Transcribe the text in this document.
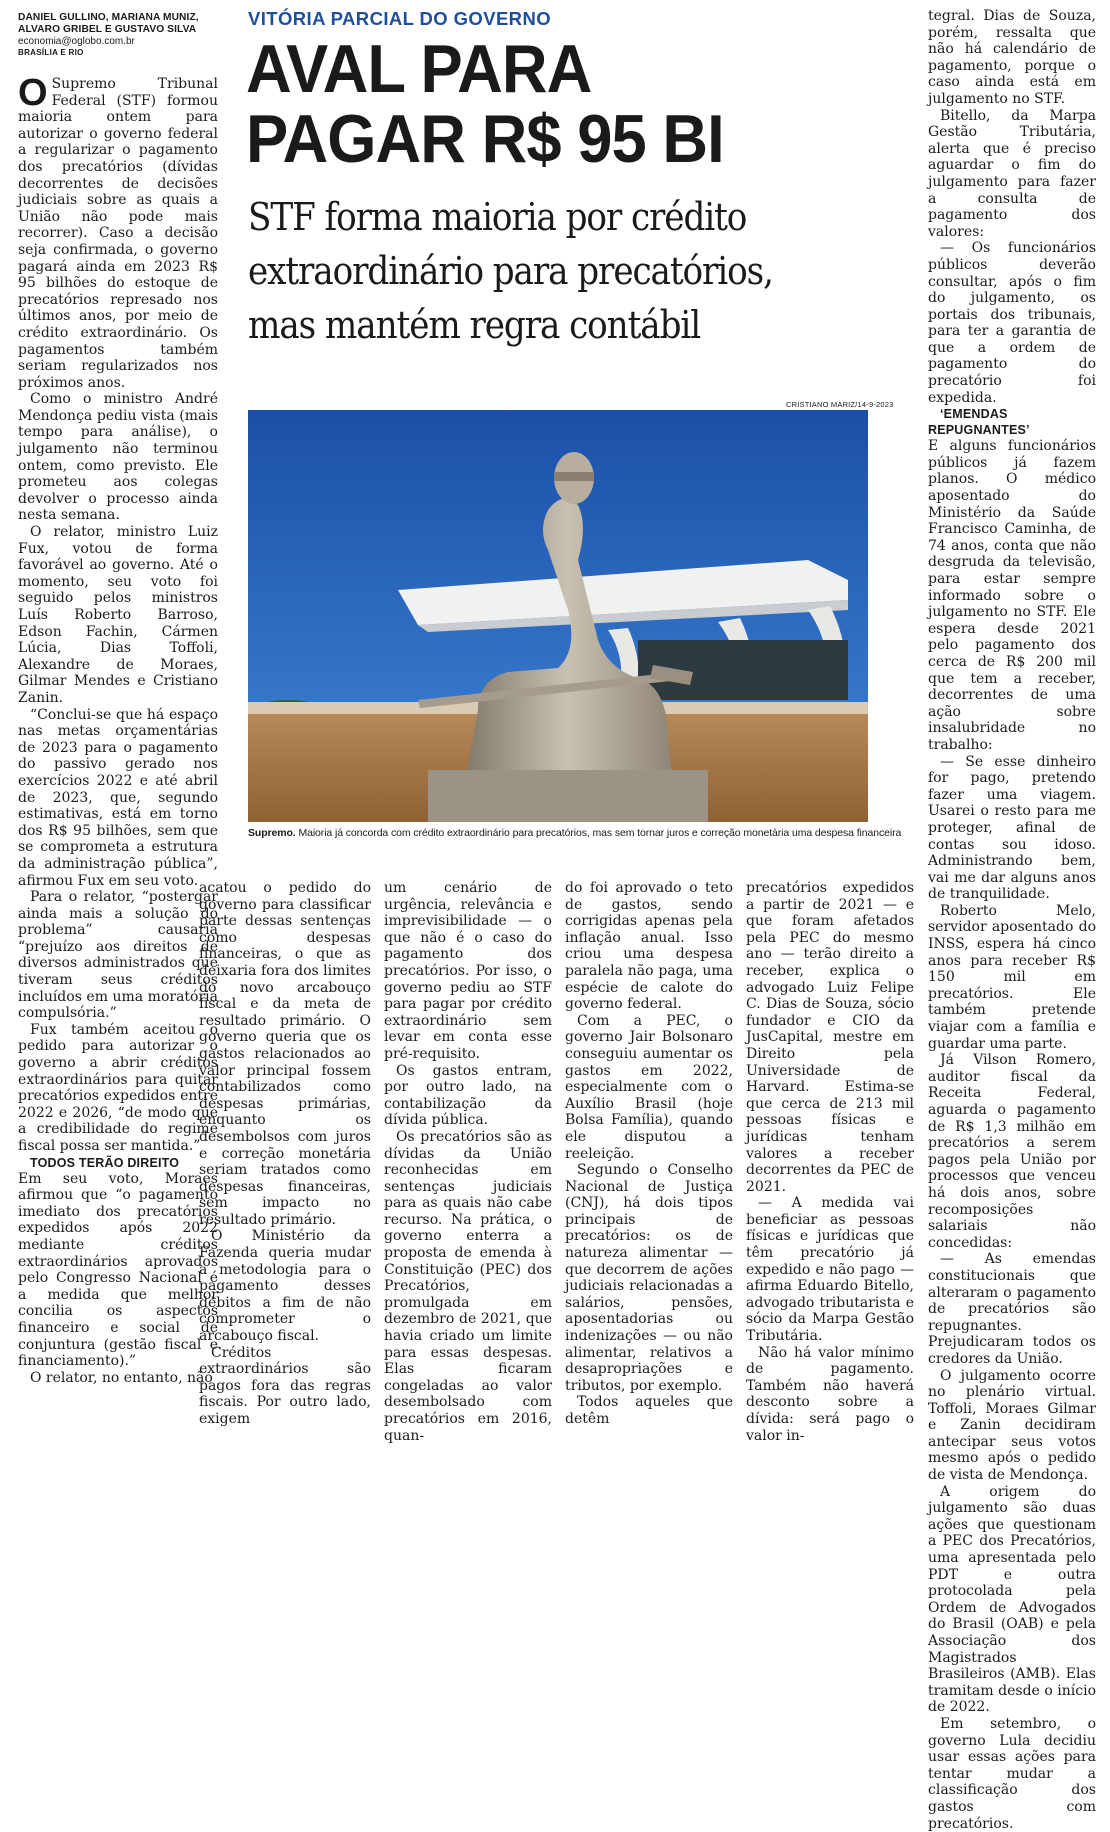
DANIEL GULLINO, MARIANA MUNIZ,
ALVARO GRIBEL E GUSTAVO SILVA
economia@oglobo.com.br
BRASÍLIA E RIO

O Supremo Tribunal Federal (STF) formou maioria ontem para autorizar o governo federal a regularizar o pagamento dos precatórios (dívidas decorrentes de decisões judiciais sobre as quais a União não pode mais recorrer). Caso a decisão seja confirmada, o governo pagará ainda em 2023 R$ 95 bilhões do estoque de precatórios represado nos últimos anos, por meio de crédito extraordinário. Os pagamentos também seriam regularizados nos próximos anos.

Como o ministro André Mendonça pediu vista (mais tempo para análise), o julgamento não terminou ontem, como previsto. Ele prometeu aos colegas devolver o processo ainda nesta semana.

O relator, ministro Luiz Fux, votou de forma favorável ao governo. Até o momento, seu voto foi seguido pelos ministros Luís Roberto Barroso, Edson Fachin, Cármen Lúcia, Dias Toffoli, Alexandre de Moraes, Gilmar Mendes e Cristiano Zanin.

“Conclui-se que há espaço nas metas orçamentárias de 2023 para o pagamento do passivo gerado nos exercícios 2022 e até abril de 2023, que, segundo estimativas, está em torno dos R$ 95 bilhões, sem que se comprometa a estrutura da administração pública”, afirmou Fux em seu voto.

Para o relator, “postergar ainda mais a solução do problema” causaria “prejuízo aos direitos de diversos administrados que tiveram seus créditos incluídos em uma moratória compulsória.”

Fux também aceitou o pedido para autorizar o governo a abrir créditos extraordinários para quitar precatórios expedidos entre 2022 e 2026, “de modo que a credibilidade do regime fiscal possa ser mantida.”

TODOS TERÃO DIREITO

Em seu voto, Moraes afirmou que “o pagamento imediato dos precatórios expedidos após 2022 mediante créditos extraordinários aprovados pelo Congresso Nacional é a medida que melhor concilia os aspectos financeiro e social de conjuntura (gestão fiscal e financiamento).”

O relator, no entanto, não

VITÓRIA PARCIAL DO GOVERNO
AVAL PARA
PAGAR R$ 95 BI
STF forma maioria por crédito
extraordinário para precatórios,
mas mantém regra contábil
CRISTIANO MARIZ/14-9-2023
Supremo. Maioria já concorda com crédito extraordinário para precatórios, mas sem tornar juros e correção monetária uma despesa financeira

acatou o pedido do governo para classificar parte dessas sentenças como despesas financeiras, o que as deixaria fora dos limites do novo arcabouço fiscal e da meta de resultado primário. O governo queria que os gastos relacionados ao valor principal fossem contabilizados como despesas primárias, enquanto os desembolsos com juros e correção monetária seriam tratados como despesas financeiras, sem impacto no resultado primário.

O Ministério da Fazenda queria mudar a metodologia para o pagamento desses débitos a fim de não comprometer o arcabouço fiscal.

Créditos extraordinários são pagos fora das regras fiscais. Por outro lado, exigem

um cenário de urgência, relevância e imprevisibilidade — o que não é o caso do pagamento dos precatórios. Por isso, o governo pediu ao STF para pagar por crédito extraordinário sem levar em conta esse pré-requisito.

Os gastos entram, por outro lado, na contabilização da dívida pública.

Os precatórios são as dívidas da União reconhecidas em sentenças judiciais para as quais não cabe recurso. Na prática, o governo enterra a proposta de emenda à Constituição (PEC) dos Precatórios, promulgada em dezembro de 2021, que havia criado um limite para essas despesas. Elas ficaram congeladas ao valor desembolsado com precatórios em 2016, quan-

do foi aprovado o teto de gastos, sendo corrigidas apenas pela inflação anual. Isso criou uma despesa paralela não paga, uma espécie de calote do governo federal.

Com a PEC, o governo Jair Bolsonaro conseguiu aumentar os gastos em 2022, especialmente com o Auxílio Brasil (hoje Bolsa Família), quando ele disputou a reeleição.

Segundo o Conselho Nacional de Justiça (CNJ), há dois tipos principais de precatórios: os de natureza alimentar — que decorrem de ações judiciais relacionadas a salários, pensões, aposentadorias ou indenizações — ou não alimentar, relativos a desapropriações e tributos, por exemplo.

Todos aqueles que detêm

precatórios expedidos a partir de 2021 — e que foram afetados pela PEC do mesmo ano — terão direito a receber, explica o advogado Luiz Felipe C. Dias de Souza, sócio fundador e CIO da JusCapital, mestre em Direito pela Universidade de Harvard. Estima-se que cerca de 213 mil pessoas físicas e jurídicas tenham valores a receber decorrentes da PEC de 2021.

— A medida vai beneficiar as pessoas físicas e jurídicas que têm precatório já expedido e não pago — afirma Eduardo Bitello, advogado tributarista e sócio da Marpa Gestão Tributária.

Não há valor mínimo de pagamento. Também não haverá desconto sobre a dívida: será pago o valor in-

tegral. Dias de Souza, porém, ressalta que não há calendário de pagamento, porque o caso ainda está em julgamento no STF.

Bitello, da Marpa Gestão Tributária, alerta que é preciso aguardar o fim do julgamento para fazer a consulta de pagamento dos valores:

— Os funcionários públicos deverão consultar, após o fim do julgamento, os portais dos tribunais, para ter a garantia de que a ordem de pagamento do precatório foi expedida.

‘EMENDAS REPUGNANTES’

E alguns funcionários públicos já fazem planos. O médico aposentado do Ministério da Saúde Francisco Caminha, de 74 anos, conta que não desgruda da televisão, para estar sempre informado sobre o julgamento no STF. Ele espera desde 2021 pelo pagamento dos cerca de R$ 200 mil que tem a receber, decorrentes de uma ação sobre insalubridade no trabalho:

— Se esse dinheiro for pago, pretendo fazer uma viagem. Usarei o resto para me proteger, afinal de contas sou idoso. Administrando bem, vai me dar alguns anos de tranquilidade.

Roberto Melo, servidor aposentado do INSS, espera há cinco anos para receber R$ 150 mil em precatórios. Ele também pretende viajar com a família e guardar uma parte.

Já Vilson Romero, auditor fiscal da Receita Federal, aguarda o pagamento de R$ 1,3 milhão em precatórios a serem pagos pela União por processos que venceu há dois anos, sobre recomposições salariais não concedidas:

— As emendas constitucionais que alteraram o pagamento de precatórios são repugnantes. Prejudicaram todos os credores da União.

O julgamento ocorre no plenário virtual. Toffoli, Moraes Gilmar e Zanin decidiram antecipar seus votos mesmo após o pedido de vista de Mendonça.

A origem do julgamento são duas ações que questionam a PEC dos Precatórios, uma apresentada pelo PDT e outra protocolada pela Ordem de Advogados do Brasil (OAB) e pela Associação dos Magistrados Brasileiros (AMB). Elas tramitam desde o início de 2022.

Em setembro, o governo Lula decidiu usar essas ações para tentar mudar a classificação dos gastos com precatórios.
